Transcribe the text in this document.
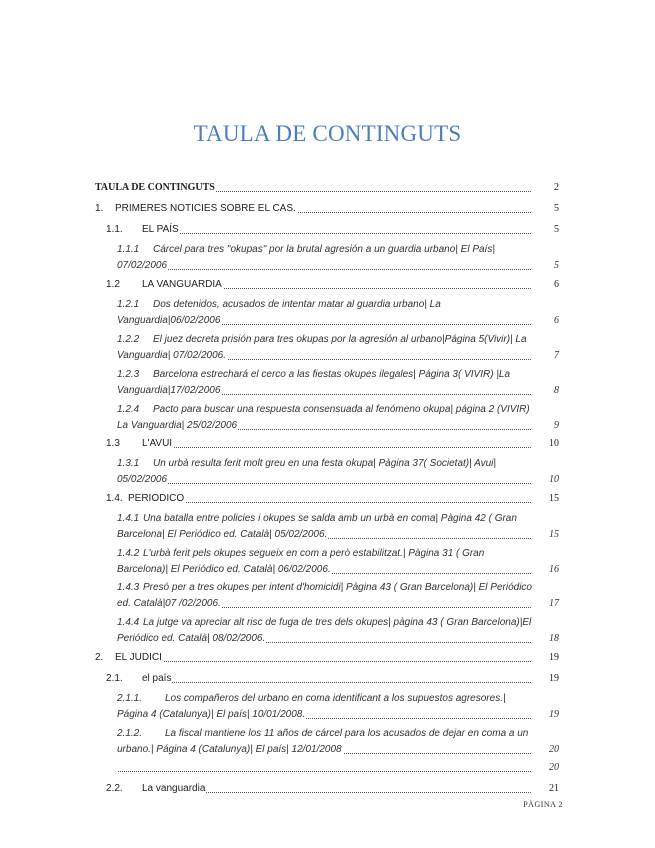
TAULA DE CONTINGUTS
TAULA DE CONTINGUTS	2
1. PRIMERES NOTICIES SOBRE EL CAS.	5
1.1. EL PAÍS	5
1.1.1 Cárcel para tres "okupas" por la brutal agresión a un guardia urbano| El País|
07/02/2006	5
1.2 LA VANGUARDIA	6
1.2.1 Dos detenidos, acusados de intentar matar al guardia urbano| La
Vanguardia|06/02/2006	6
1.2.2 El juez decreta prisión para tres okupas por la agresión al urbano|Página 5(Vivir)| La
Vanguardia| 07/02/2006.	7
1.2.3 Barcelona estrechará el cerco a las fiestas okupes ilegales| Página 3( VIVIR) |La
Vanguardia|17/02/2006	8
1.2.4 Pacto para buscar una respuesta consensuada al fenómeno okupa| página 2 (VIVIR)
La Vanguardia| 25/02/2006	9
1.3 L'AVUI	10
1.3.1 Un urbà resulta ferit molt greu en una festa okupa| Pàgina 37( Societat)| Avui|
05/02/2006	10
1.4. PERIODICO	15
1.4.1 Una batalla entre policies i okupes se salda amb un urbà en coma| Pàgina 42 ( Gran
Barcelona| El Periódico ed. Català| 05/02/2006.	15
1.4.2 L'urbà ferit pels okupes segueix en com a però estabilitzat.| Pàgina 31 ( Gran
Barcelona)| El Periódico ed. Català| 06/02/2006.	16
1.4.3 Presó per a tres okupes per intent d'homicidi| Pàgina 43 ( Gran Barcelona)| El Periódico
ed. Català|07 /02/2006.	17
1.4.4 La jutge va apreciar alt risc de fuga de tres dels okupes| pàgina 43 ( Gran Barcelona)|El
Periódico ed. Català| 08/02/2006.	18
2. EL JUDICI	19
2.1. el país	19
2.1.1. Los compañeros del urbano en coma identificant a los supuestos agresores.|
Página 4 (Catalunya)| El país| 10/01/2008.	19
2.1.2. La fiscal mantiene los 11 años de cárcel para los acusados de dejar en coma a un
urbano.| Página 4 (Catalunya)| El país| 12/01/2008	20
20
2.2. La vanguardia	21
PÀGINA 2
